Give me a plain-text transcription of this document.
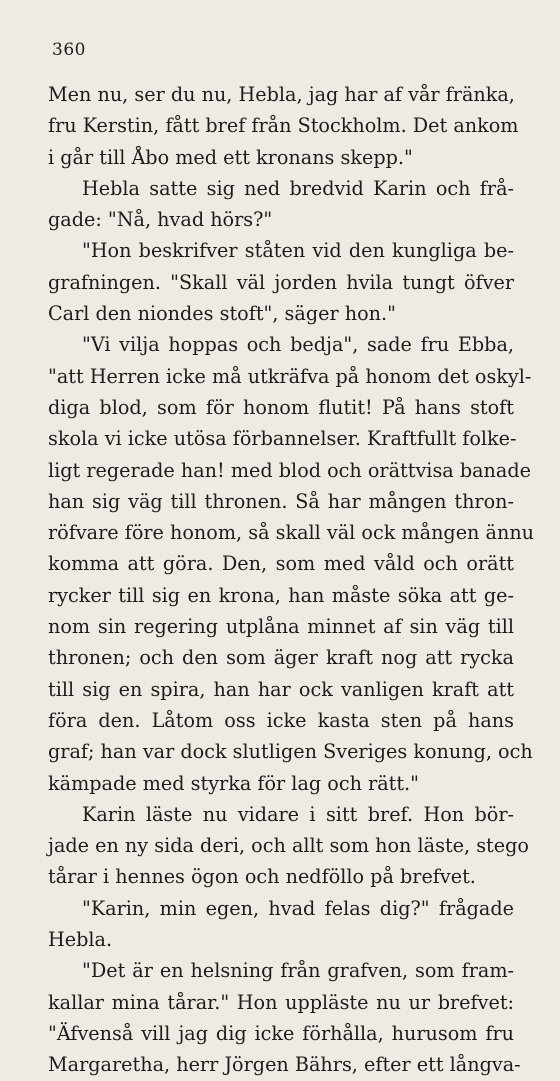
360
Men nu, ser du nu, Hebla, jag har af vår fränka,
fru Kerstin, fått bref från Stockholm. Det ankom
i går till Åbo med ett kronans skepp."
Hebla satte sig ned bredvid Karin och frå-
gade: "Nå, hvad hörs?"
"Hon beskrifver ståten vid den kungliga be-
grafningen. "Skall väl jorden hvila tungt öfver
Carl den niondes stoft", säger hon."
"Vi vilja hoppas och bedja", sade fru Ebba,
"att Herren icke må utkräfva på honom det oskyl-
diga blod, som för honom flutit! På hans stoft
skola vi icke utösa förbannelser. Kraftfullt folke-
ligt regerade han! med blod och orättvisa banade
han sig väg till thronen. Så har mången thron-
röfvare före honom, så skall väl ock mången ännu
komma att göra. Den, som med våld och orätt
rycker till sig en krona, han måste söka att ge-
nom sin regering utplåna minnet af sin väg till
thronen; och den som äger kraft nog att rycka
till sig en spira, han har ock vanligen kraft att
föra den. Låtom oss icke kasta sten på hans
graf; han var dock slutligen Sveriges konung, och
kämpade med styrka för lag och rätt."
Karin läste nu vidare i sitt bref. Hon bör-
jade en ny sida deri, och allt som hon läste, stego
tårar i hennes ögon och nedföllo på brefvet.
"Karin, min egen, hvad felas dig?" frågade
Hebla.
"Det är en helsning från grafven, som fram-
kallar mina tårar." Hon uppläste nu ur brefvet:
"Äfvenså vill jag dig icke förhålla, hurusom fru
Margaretha, herr Jörgen Bährs, efter ett långva-
